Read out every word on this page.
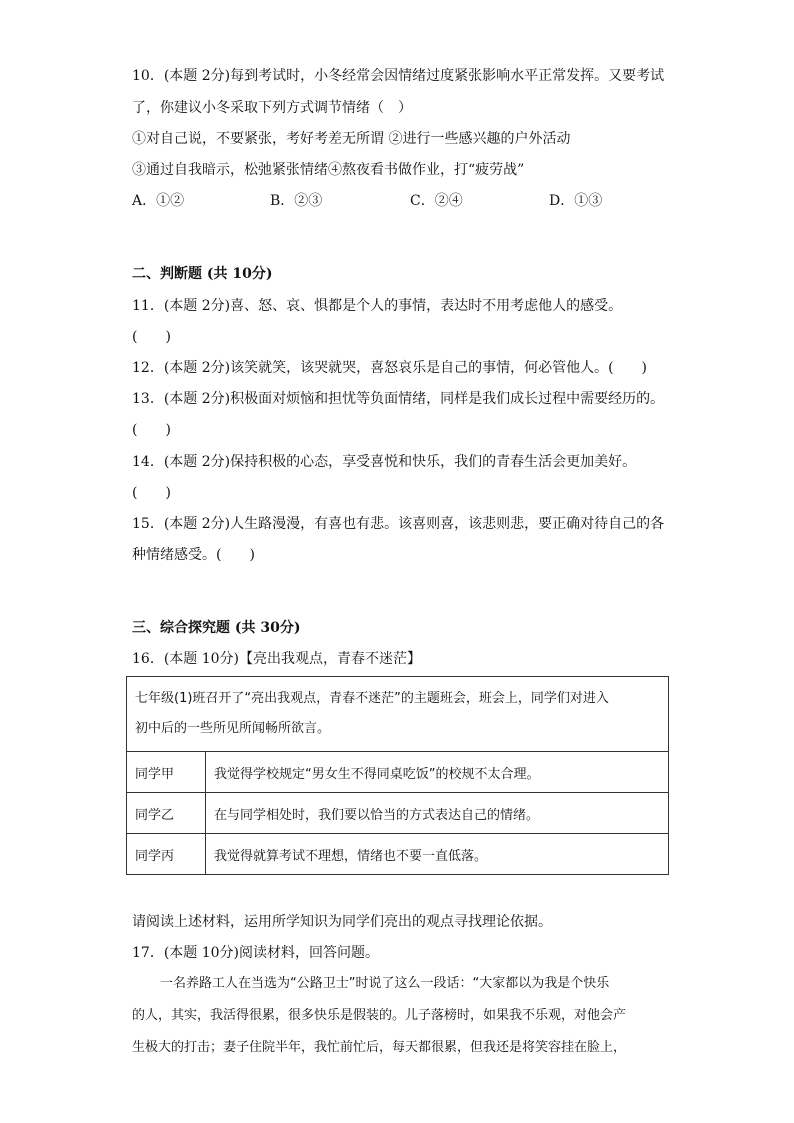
10．(本题 2分)每到考试时，小冬经常会因情绪过度紧张影响水平正常发挥。又要考试
了，你建议小冬采取下列方式调节情绪（　）
①对自己说，不要紧张，考好考差无所谓 ②进行一些感兴趣的户外活动
③通过自我暗示，松弛紧张情绪④熬夜看书做作业，打“疲劳战”
A．①②	B．②③	C．②④	D．①③
二、判断题 (共 10分)
11．(本题 2分)喜、怒、哀、惧都是个人的事情，表达时不用考虑他人的感受。
(　　)
12．(本题 2分)该笑就笑，该哭就哭，喜怒哀乐是自己的事情，何必管他人。(　　)
13．(本题 2分)积极面对烦恼和担忧等负面情绪，同样是我们成长过程中需要经历的。
(　　)
14．(本题 2分)保持积极的心态，享受喜悦和快乐，我们的青春生活会更加美好。
(　　)
15．(本题 2分)人生路漫漫，有喜也有悲。该喜则喜，该悲则悲，要正确对待自己的各
种情绪感受。(　　)
三、综合探究题 (共 30分)
16．(本题 10分)【亮出我观点，青春不迷茫】
七年级(1)班召开了“亮出我观点，青春不迷茫”的主题班会，班会上，同学们对进入
初中后的一些所见所闻畅所欲言。	

同学甲	我觉得学校规定“男女生不得同桌吃饭”的校规不太合理。
同学乙	在与同学相处时，我们要以恰当的方式表达自己的情绪。
同学丙	我觉得就算考试不理想，情绪也不要一直低落。
请阅读上述材料，运用所学知识为同学们亮出的观点寻找理论依据。
17．(本题 10分)阅读材料，回答问题。
一名养路工人在当选为“公路卫士”时说了这么一段话：“大家都以为我是个快乐
的人，其实，我活得很累，很多快乐是假装的。儿子落榜时，如果我不乐观，对他会产
生极大的打击；妻子住院半年，我忙前忙后，每天都很累，但我还是将笑容挂在脸上，
